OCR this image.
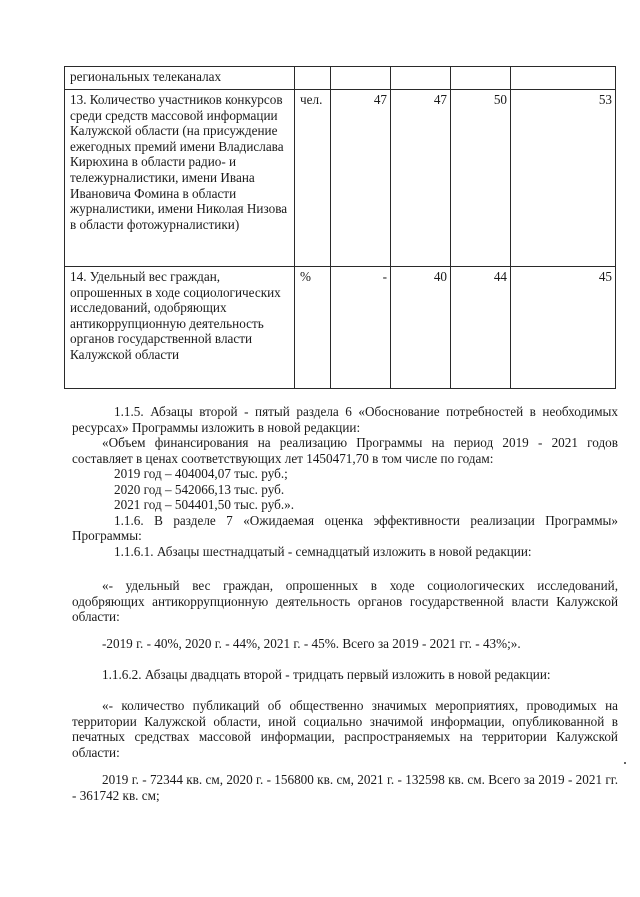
региональных телеканалах					
13. Количество участников конкурсов среди средств массовой информации Калужской области (на присуждение ежегодных премий имени Владислава Кирюхина в области радио- и тележурналистики, имени Ивана Ивановича Фомина в области журналистики, имени Николая Низова в области фотожурналистики)	чел.	47	47	50	53
14. Удельный вес граждан, опрошенных в ходе социологических исследований, одобряющих антикоррупционную деятельность органов государственной власти Калужской области	%	-	40	44	45

1.1.5. Абзацы второй - пятый раздела 6 «Обоснование потребностей в необходимых ресурсах» Программы изложить в новой редакции:

«Объем финансирования на реализацию Программы на период 2019 - 2021 годов составляет в ценах соответствующих лет 1450471,70 в том числе по годам:

2019 год – 404004,07 тыс. руб.;

2020 год – 542066,13 тыс. руб.

2021 год – 504401,50 тыс. руб.».

1.1.6. В разделе 7 «Ожидаемая оценка эффективности реализации Программы» Программы:

1.1.6.1. Абзацы шестнадцатый - семнадцатый изложить в новой редакции:

«- удельный вес граждан, опрошенных в ходе социологических исследований, одобряющих антикоррупционную деятельность органов государственной власти Калужской области:

-2019 г. - 40%, 2020 г. - 44%, 2021 г. - 45%. Всего за 2019 - 2021 гг. - 43%;».

1.1.6.2. Абзацы двадцать второй - тридцать первый изложить в новой редакции:

«- количество публикаций об общественно значимых мероприятиях, проводимых на территории Калужской области, иной социально значимой информации, опубликованной в печатных средствах массовой информации, распространяемых на территории Калужской области:

2019 г. - 72344 кв. см, 2020 г. - 156800 кв. см, 2021 г. - 132598 кв. см. Всего за 2019 - 2021 гг. - 361742 кв. см;
